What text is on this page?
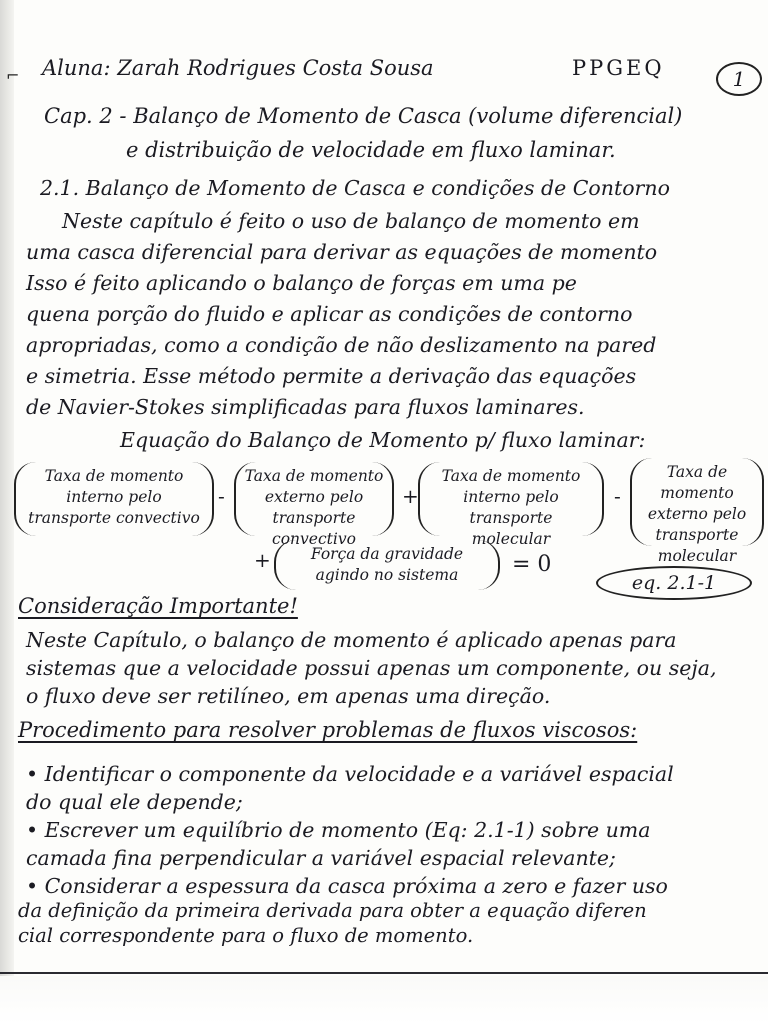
⌐ Aluna: Zarah Rodrigues Costa Sousa	PPGEQ	1
Cap. 2 - Balanço de Momento de Casca (volume diferencial)
e distribuição de velocidade em fluxo laminar.
2.1. Balanço de Momento de Casca e condições de Contorno
Neste capítulo é feito o uso de balanço de momento em
uma casca diferencial para derivar as equações de momento
Isso é feito aplicando o balanço de forças em uma pe
quena porção do fluido e aplicar as condições de contorno
apropriadas, como a condição de não deslizamento na pared
e simetria. Esse método permite a derivação das equações
de Navier-Stokes simplificadas para fluxos laminares.
Equação do Balanço de Momento p/ fluxo laminar:
Taxa de momento interno pelo transporte convectivo
-
Taxa de momento externo pelo transporte convectivo
+
Taxa de momento interno pelo transporte molecular
-
Taxa de momento externo pelo transporte molecular
+	Força da gravidade agindo no sistema	= 0
eq. 2.1-1
Consideração Importante!
Neste Capítulo, o balanço de momento é aplicado apenas para
sistemas que a velocidade possui apenas um componente, ou seja,
o fluxo deve ser retilíneo, em apenas uma direção.
Procedimento para resolver problemas de fluxos viscosos:
• Identificar o componente da velocidade e a variável espacial
do qual ele depende;
• Escrever um equilíbrio de momento (Eq: 2.1-1) sobre uma
camada fina perpendicular a variável espacial relevante;
• Considerar a espessura da casca próxima a zero e fazer uso
da definição da primeira derivada para obter a equação diferen
cial correspondente para o fluxo de momento.
